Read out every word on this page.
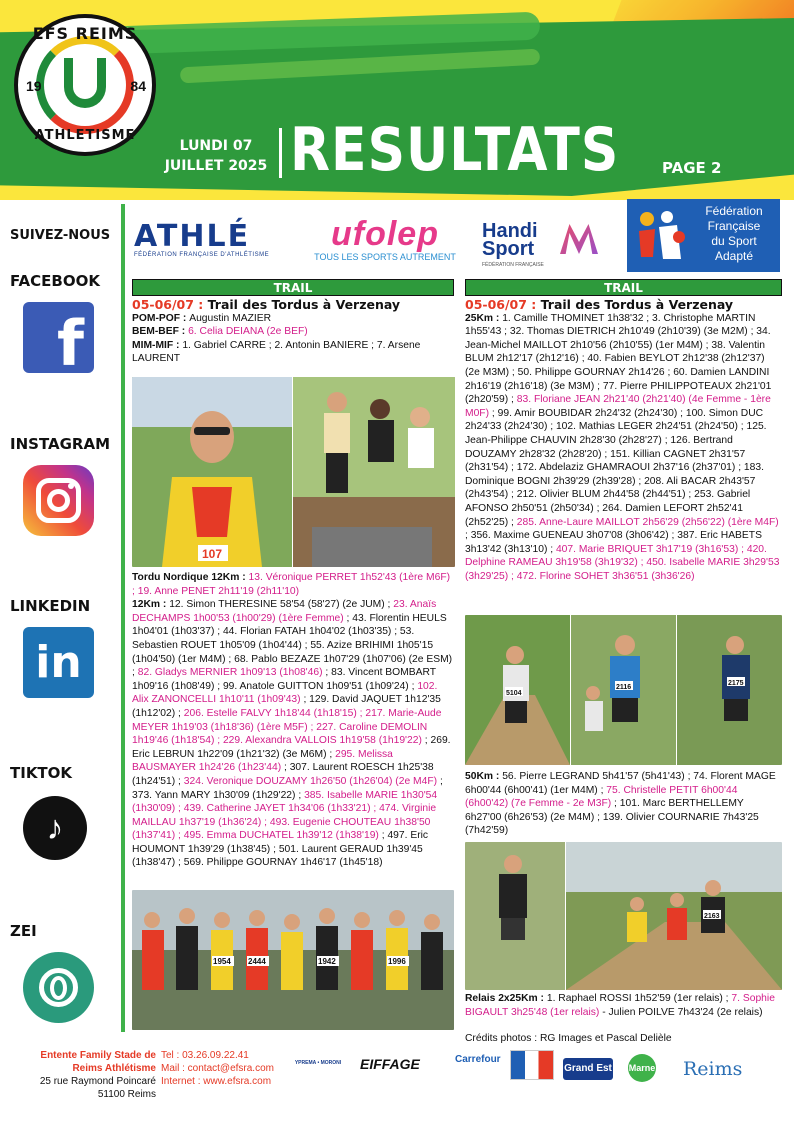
EFS REIMS
19	84
ATHLETISME
LUNDI 07
JUILLET 2025 RESULTATS	PAGE 2
SUIVEZ-NOUS
FACEBOOK
f
INSTAGRAM
LINKEDIN
in
TIKTOK
♪
ZEI
ATHLÉ
FÉDÉRATION FRANÇAISE D'ATHLÉTISME
ufolep
TOUS LES SPORTS AUTREMENT
Handi
Sport
FÉDÉRATION FRANÇAISE
Fédération
Française
du Sport
Adapté
TRAIL
05-06/07 : Trail des Tordus à Verzenay

POM-POF : Augustin MAZIER

BEM-BEF : 6. Celia DEIANA (2e BEF)

MIM-MIF : 1. Gabriel CARRE ; 2. Antonin BANIERE ; 7. Arsene LAURENT

107

Tordu Nordique 12Km : 13. Véronique PERRET 1h52'43 (1ère M6F) ; 19. Anne PENET 2h11'19 (2h11'10)

12Km : 12. Simon THERESINE 58'54 (58'27) (2e JUM) ; 23. Anaïs DECHAMPS 1h00'53 (1h00'29) (1ère Femme) ; 43. Florentin HEULS 1h04'01 (1h03'37) ; 44. Florian FATAH 1h04'02 (1h03'35) ; 53. Sebastien ROUET 1h05'09 (1h04'44) ; 55. Azize BRIHIMI 1h05'15 (1h04'50) (1er M4M) ; 68. Pablo BEZAZE 1h07'29 (1h07'06) (2e ESM) ; 82. Gladys MERNIER 1h09'13 (1h08'46) ; 83. Vincent BOMBART 1h09'16 (1h08'49) ; 99. Anatole GUITTON 1h09'51 (1h09'24) ; 102. Alix ZANONCELLI 1h10'11 (1h09'43) ; 129. David JAQUET 1h12'35 (1h12'02) ; 206. Estelle FALVY 1h18'44 (1h18'15) ; 217. Marie-Aude MEYER 1h19'03 (1h18'36) (1ère M5F) ; 227. Caroline DEMOLIN 1h19'46 (1h18'54) ; 229. Alexandra VALLOIS 1h19'58 (1h19'22) ; 269. Eric LEBRUN 1h22'09 (1h21'32) (3e M6M) ; 295. Melissa BAUSMAYER 1h24'26 (1h23'44) ; 307. Laurent ROESCH 1h25'38 (1h24'51) ; 324. Veronique DOUZAMY 1h26'50 (1h26'04) (2e M4F) ; 373. Yann MARY 1h30'09 (1h29'22) ; 385. Isabelle MARIE 1h30'54 (1h30'09) ; 439. Catherine JAYET 1h34'06 (1h33'21) ; 474. Virginie MAILLAU 1h37'19 (1h36'24) ; 493. Eugenie CHOUTEAU 1h38'50 (1h37'41) ; 495. Emma DUCHATEL 1h39'12 (1h38'19) ; 497. Eric HOUMONT 1h39'29 (1h38'45) ; 501. Laurent GERAUD 1h39'45 (1h38'47) ; 569. Philippe GOURNAY 1h46'17 (1h45'18)

1954 2444	1942	1996
TRAIL
05-06/07 : Trail des Tordus à Verzenay

25Km : 1. Camille THOMINET 1h38'32 ; 3. Christophe MARTIN 1h55'43 ; 32. Thomas DIETRICH 2h10'49 (2h10'39) (3e M2M) ; 34. Jean-Michel MAILLOT 2h10'56 (2h10'55) (1er M4M) ; 38. Valentin BLUM 2h12'17 (2h12'16) ; 40. Fabien BEYLOT 2h12'38 (2h12'37) (2e M3M) ; 50. Philippe GOURNAY 2h14'26 ; 60. Damien LANDINI 2h16'19 (2h16'18) (3e M3M) ; 77. Pierre PHILIPPOTEAUX 2h21'01 (2h20'59) ; 83. Floriane JEAN 2h21'40 (2h21'40) (4e Femme - 1ère M0F) ; 99. Amir BOUBIDAR 2h24'32 (2h24'30) ; 100. Simon DUC 2h24'33 (2h24'30) ; 102. Mathias LEGER 2h24'51 (2h24'50) ; 125. Jean-Philippe CHAUVIN 2h28'30 (2h28'27) ; 126. Bertrand DOUZAMY 2h28'32 (2h28'20) ; 151. Killian CAGNET 2h31'57 (2h31'54) ; 172. Abdelaziz GHAMRAOUI 2h37'16 (2h37'01) ; 183. Dominique BOGNI 2h39'29 (2h39'28) ; 208. Ali BACAR 2h43'57 (2h43'54) ; 212. Olivier BLUM 2h44'58 (2h44'51) ; 253. Gabriel AFONSO 2h50'51 (2h50'34) ; 264. Damien LEFORT 2h52'41 (2h52'25) ; 285. Anne-Laure MAILLOT 2h56'29 (2h56'22) (1ère M4F) ; 356. Maxime GUENEAU 3h07'08 (3h06'42) ; 387. Eric HABETS 3h13'42 (3h13'10) ; 407. Marie BRIQUET 3h17'19 (3h16'53) ; 420. Delphine RAMEAU 3h19'58 (3h19'32) ; 450. Isabelle MARIE 3h29'53 (3h29'25) ; 472. Florine SOHET 3h36'51 (3h36'26)

5104
2116
2175

50Km : 56. Pierre LEGRAND 5h41'57 (5h41'43) ; 74. Florent MAGE 6h00'44 (6h00'41) (1er M4M) ; 75. Christelle PETIT 6h00'44 (6h00'42) (7e Femme - 2e M3F) ; 101. Marc BERTHELLEMY 6h27'00 (6h26'53) (2e M4M) ; 139. Olivier COURNARIE 7h43'25 (7h42'59)

2163

Relais 2x25Km : 1. Raphael ROSSI 1h52'59 (1er relais) ; 7. Sophie BIGAULT 3h25'48 (1er relais) - Julien POILVE 7h43'24 (2e relais)

Crédits photos : RG Images et Pascal Delièle
Entente Family Stade de
Reims Athlétisme
25 rue Raymond Poincaré
51100 Reims
Tel : 03.26.09.22.41
Mail : contact@efsra.com
Internet : www.efsra.com
YPREMA • MORONI EIFFAGE	Carrefour
Grand Est Marne Reims
